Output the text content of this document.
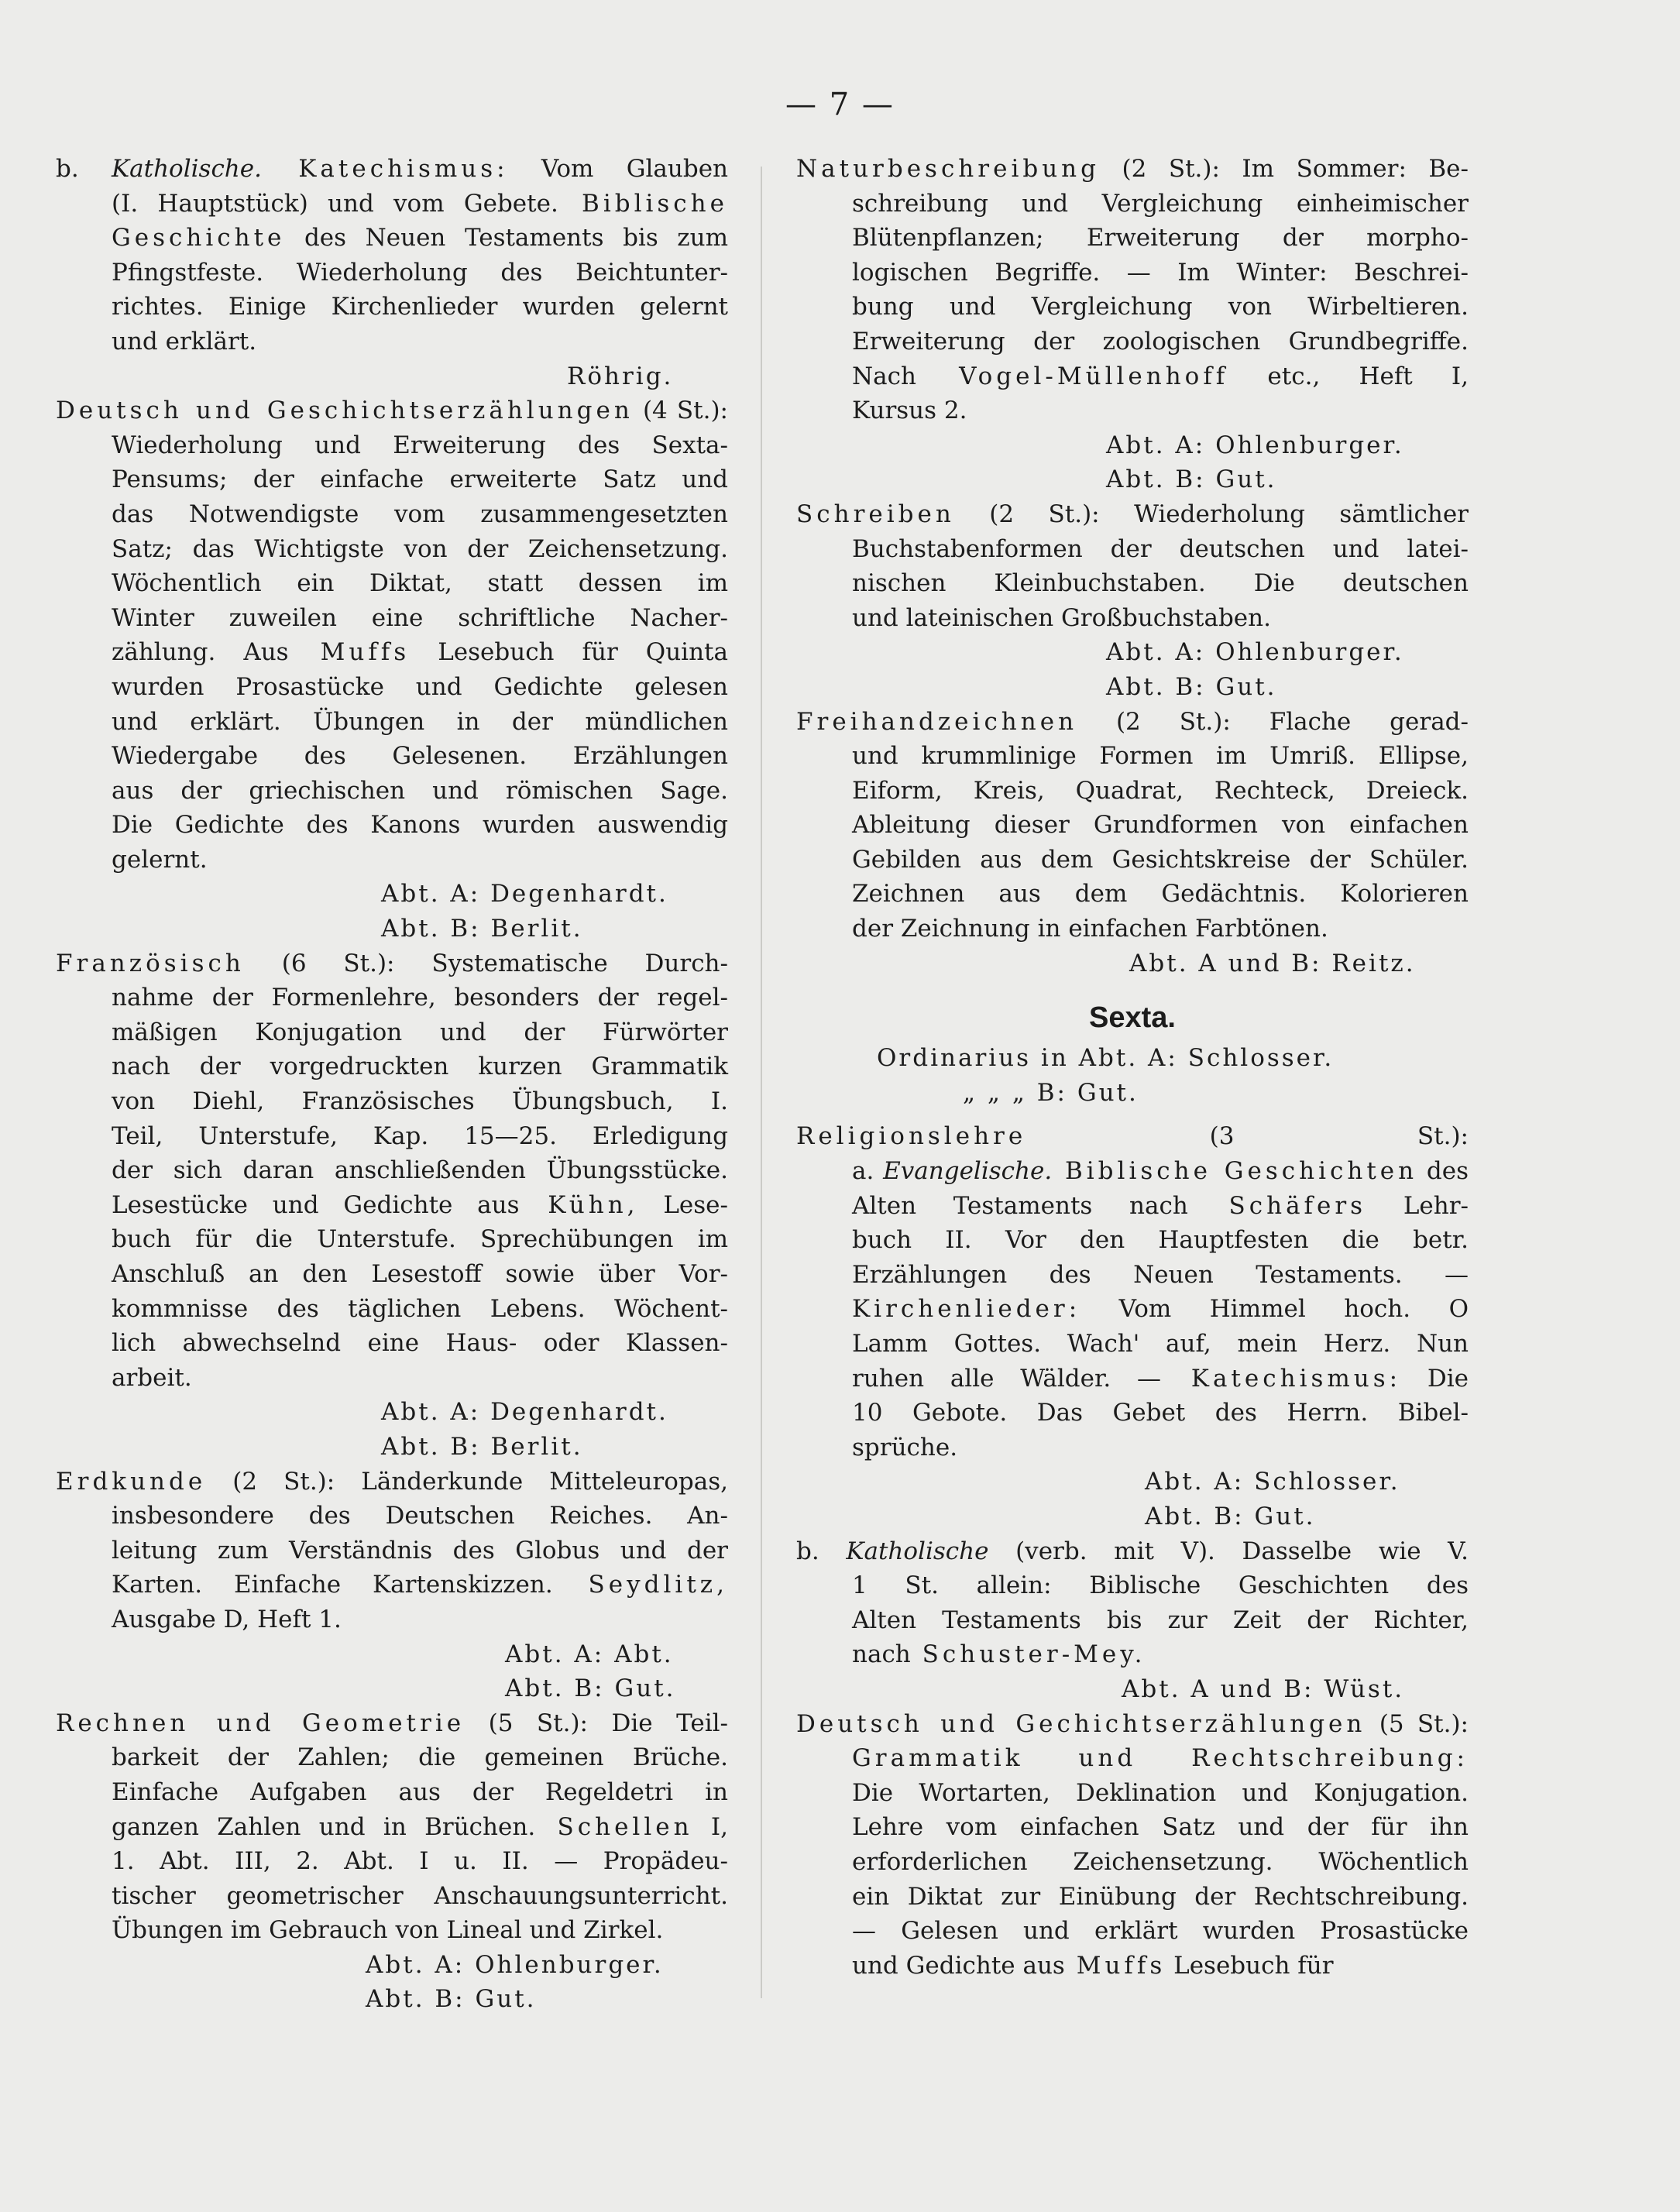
— 7 —
b. Katholische. Katechismus: Vom Glauben
(I. Hauptstück) und vom Gebete. Biblische
Geschichte des Neuen Testaments bis zum
Pfingstfeste. Wiederholung des Beichtunter-
richtes. Einige Kirchenlieder wurden gelernt
und erklärt.
Röhrig.
Deutsch und Geschichtserzählungen (4 St.):
Wiederholung und Erweiterung des Sexta-
Pensums; der einfache erweiterte Satz und
das Notwendigste vom zusammengesetzten
Satz; das Wichtigste von der Zeichensetzung.
Wöchentlich ein Diktat, statt dessen im
Winter zuweilen eine schriftliche Nacher-
zählung. Aus Muffs Lesebuch für Quinta
wurden Prosastücke und Gedichte gelesen
und erklärt. Übungen in der mündlichen
Wiedergabe des Gelesenen. Erzählungen
aus der griechischen und römischen Sage.
Die Gedichte des Kanons wurden auswendig
gelernt.
Abt. A: Degenhardt.
Abt. B: Berlit.
Französisch (6 St.): Systematische Durch-
nahme der Formenlehre, besonders der regel-
mäßigen Konjugation und der Fürwörter
nach der vorgedruckten kurzen Grammatik
von Diehl, Französisches Übungsbuch, I.
Teil, Unterstufe, Kap. 15—25. Erledigung
der sich daran anschließenden Übungsstücke.
Lesestücke und Gedichte aus Kühn, Lese-
buch für die Unterstufe. Sprechübungen im
Anschluß an den Lesestoff sowie über Vor-
kommnisse des täglichen Lebens. Wöchent-
lich abwechselnd eine Haus- oder Klassen-
arbeit.
Abt. A: Degenhardt.
Abt. B: Berlit.
Erdkunde (2 St.): Länderkunde Mitteleuropas,
insbesondere des Deutschen Reiches. An-
leitung zum Verständnis des Globus und der
Karten. Einfache Kartenskizzen. Seydlitz,
Ausgabe D, Heft 1.
Abt. A: Abt.
Abt. B: Gut.
Rechnen und Geometrie (5 St.): Die Teil-
barkeit der Zahlen; die gemeinen Brüche.
Einfache Aufgaben aus der Regeldetri in
ganzen Zahlen und in Brüchen. Schellen I,
1. Abt. III, 2. Abt. I u. II. — Propädeu-
tischer geometrischer Anschauungsunterricht.
Übungen im Gebrauch von Lineal und Zirkel.
Abt. A: Ohlenburger.
Abt. B: Gut.
Naturbeschreibung (2 St.): Im Sommer: Be-
schreibung und Vergleichung einheimischer
Blütenpflanzen; Erweiterung der morpho-
logischen Begriffe. — Im Winter: Beschrei-
bung und Vergleichung von Wirbeltieren.
Erweiterung der zoologischen Grundbegriffe.
Nach Vogel-Müllenhoff etc., Heft I,
Kursus 2.
Abt. A: Ohlenburger.
Abt. B: Gut.
Schreiben (2 St.): Wiederholung sämtlicher
Buchstabenformen der deutschen und latei-
nischen Kleinbuchstaben. Die deutschen
und lateinischen Großbuchstaben.
Abt. A: Ohlenburger.
Abt. B: Gut.
Freihandzeichnen (2 St.): Flache gerad-
und krummlinige Formen im Umriß. Ellipse,
Eiform, Kreis, Quadrat, Rechteck, Dreieck.
Ableitung dieser Grundformen von einfachen
Gebilden aus dem Gesichtskreise der Schüler.
Zeichnen aus dem Gedächtnis. Kolorieren
der Zeichnung in einfachen Farbtönen.
Abt. A und B: Reitz.
Sexta.
Ordinarius in Abt. A: Schlosser.
„ „ „ B: Gut.
Religionslehre (3 St.):
a. Evangelische. Biblische Geschichten des
Alten Testaments nach Schäfers Lehr-
buch II. Vor den Hauptfesten die betr.
Erzählungen des Neuen Testaments. —
Kirchenlieder: Vom Himmel hoch. O
Lamm Gottes. Wach' auf, mein Herz. Nun
ruhen alle Wälder. — Katechismus: Die
10 Gebote. Das Gebet des Herrn. Bibel-
sprüche.
Abt. A: Schlosser.
Abt. B: Gut.
b. Katholische (verb. mit V). Dasselbe wie V.
1 St. allein: Biblische Geschichten des
Alten Testaments bis zur Zeit der Richter,
nach Schuster-Mey.
Abt. A und B: Wüst.
Deutsch und Gechichtserzählungen (5 St.):
Grammatik und Rechtschreibung:
Die Wortarten, Deklination und Konjugation.
Lehre vom einfachen Satz und der für ihn
erforderlichen Zeichensetzung. Wöchentlich
ein Diktat zur Einübung der Rechtschreibung.
— Gelesen und erklärt wurden Prosastücke
und Gedichte aus Muffs Lesebuch für
